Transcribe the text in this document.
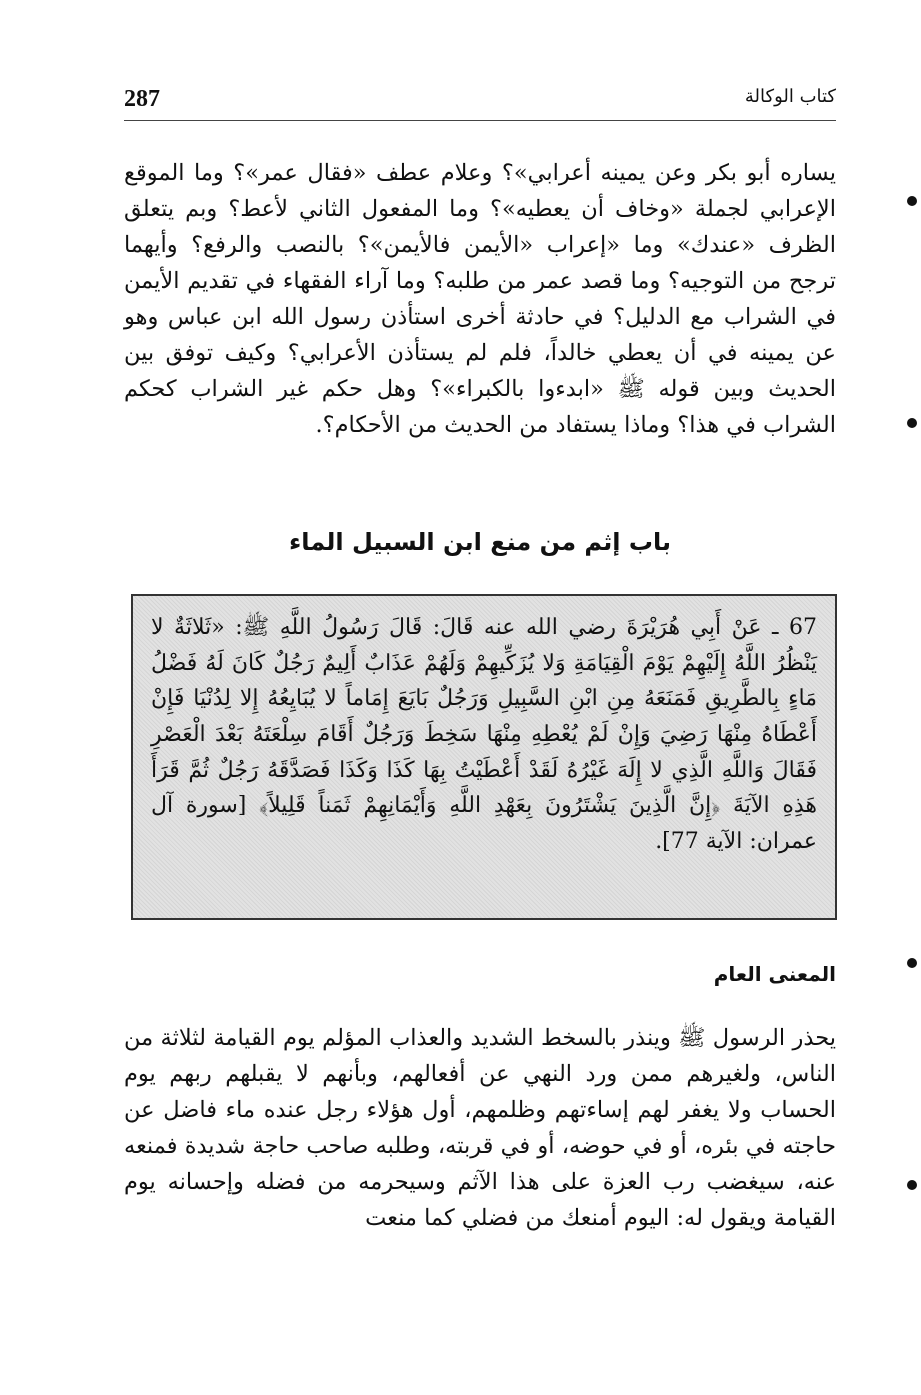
287	كتاب الوكالة

يساره أبو بكر وعن يمينه أعرابي»؟ وعلام عطف «فقال عمر»؟ وما الموقع الإعرابي لجملة «وخاف أن يعطيه»؟ وما المفعول الثاني لأعط؟ وبم يتعلق الظرف «عندك» وما «إعراب «الأيمن فالأيمن»؟ بالنصب والرفع؟ وأيهما ترجح من التوجيه؟ وما قصد عمر من طلبه؟ وما آراء الفقهاء في تقديم الأيمن في الشراب مع الدليل؟ في حادثة أخرى استأذن رسول الله ابن عباس وهو عن يمينه في أن يعطي خالداً، فلم لم يستأذن الأعرابي؟ وكيف توفق بين الحديث وبين قوله ﷺ «ابدءوا بالكبراء»؟ وهل حكم غير الشراب كحكم الشراب في هذا؟ وماذا يستفاد من الحديث من الأحكام؟.

باب إثم من منع ابن السبيل الماء

67 ـ عَنْ أَبِي هُرَيْرَةَ رضي الله عنه قَالَ: قَالَ رَسُولُ اللَّهِ ﷺ: «ثَلاثَةٌ لا يَنْظُرُ اللَّهُ إِلَيْهِمْ يَوْمَ الْقِيَامَةِ وَلا يُزَكِّيهِمْ وَلَهُمْ عَذَابٌ أَلِيمٌ رَجُلٌ كَانَ لَهُ فَضْلُ مَاءٍ بِالطَّرِيقِ فَمَنَعَهُ مِنِ ابْنِ السَّبِيلِ وَرَجُلٌ بَايَعَ إِمَاماً لا يُبَايِعُهُ إِلا لِدُنْيَا فَإِنْ أَعْطَاهُ مِنْهَا رَضِيَ وَإِنْ لَمْ يُعْطِهِ مِنْهَا سَخِطَ وَرَجُلٌ أَقَامَ سِلْعَتَهُ بَعْدَ الْعَصْرِ فَقَالَ وَاللَّهِ الَّذِي لا إِلَهَ غَيْرُهُ لَقَدْ أَعْطَيْتُ بِهَا كَذَا وَكَذَا فَصَدَّقَهُ رَجُلٌ ثُمَّ قَرَأَ هَذِهِ الآيَةَ ﴿إِنَّ الَّذِينَ يَشْتَرُونَ بِعَهْدِ اللَّهِ وَأَيْمَانِهِمْ ثَمَناً قَلِيلاً﴾ [سورة آل عمران: الآية 77].

المعنى العام

يحذر الرسول ﷺ وينذر بالسخط الشديد والعذاب المؤلم يوم القيامة لثلاثة من الناس، ولغيرهم ممن ورد النهي عن أفعالهم، وبأنهم لا يقبلهم ربهم يوم الحساب ولا يغفر لهم إساءتهم وظلمهم، أول هؤلاء رجل عنده ماء فاضل عن حاجته في بئره، أو في حوضه، أو في قربته، وطلبه صاحب حاجة شديدة فمنعه عنه، سيغضب رب العزة على هذا الآثم وسيحرمه من فضله وإحسانه يوم القيامة ويقول له: اليوم أمنعك من فضلي كما منعت
